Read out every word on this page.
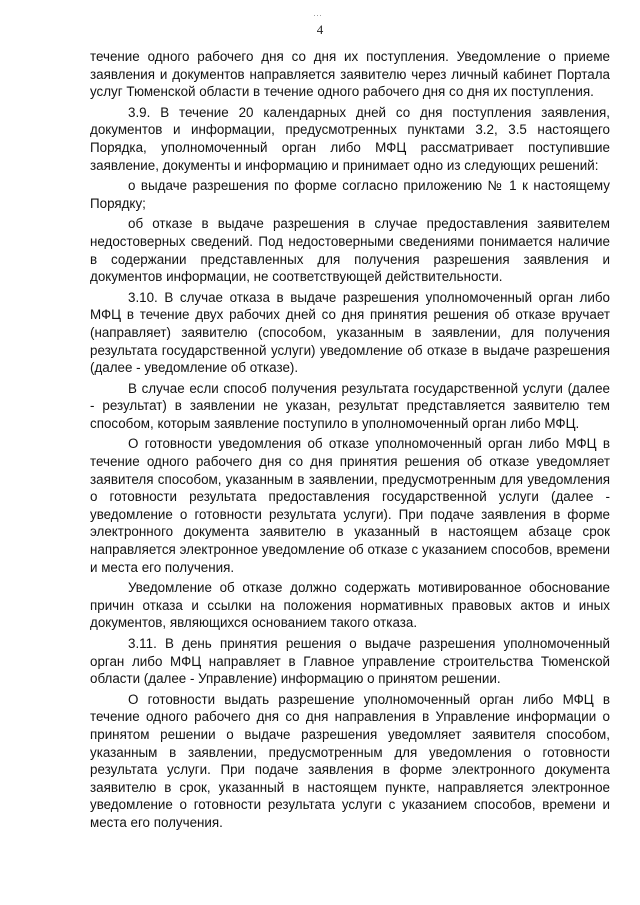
⋯
4

течение одного рабочего дня со дня их поступления. Уведомление о приеме заявления и документов направляется заявителю через личный кабинет Портала услуг Тюменской области в течение одного рабочего дня со дня их поступления.

3.9. В течение 20 календарных дней со дня поступления заявления, документов и информации, предусмотренных пунктами 3.2, 3.5 настоящего Порядка, уполномоченный орган либо МФЦ рассматривает поступившие заявление, документы и информацию и принимает одно из следующих решений:

о выдаче разрешения по форме согласно приложению № 1 к настоящему Порядку;

об отказе в выдаче разрешения в случае предоставления заявителем недостоверных сведений. Под недостоверными сведениями понимается наличие в содержании представленных для получения разрешения заявления и документов информации, не соответствующей действительности.

3.10. В случае отказа в выдаче разрешения уполномоченный орган либо МФЦ в течение двух рабочих дней со дня принятия решения об отказе вручает (направляет) заявителю (способом, указанным в заявлении, для получения результата государственной услуги) уведомление об отказе в выдаче разрешения (далее - уведомление об отказе).

В случае если способ получения результата государственной услуги (далее - результат) в заявлении не указан, результат представляется заявителю тем способом, которым заявление поступило в уполномоченный орган либо МФЦ.

О готовности уведомления об отказе уполномоченный орган либо МФЦ в течение одного рабочего дня со дня принятия решения об отказе уведомляет заявителя способом, указанным в заявлении, предусмотренным для уведомления о готовности результата предоставления государственной услуги (далее - уведомление о готовности результата услуги). При подаче заявления в форме электронного документа заявителю в указанный в настоящем абзаце срок направляется электронное уведомление об отказе с указанием способов, времени и места его получения.

Уведомление об отказе должно содержать мотивированное обоснование причин отказа и ссылки на положения нормативных правовых актов и иных документов, являющихся основанием такого отказа.

3.11. В день принятия решения о выдаче разрешения уполномоченный орган либо МФЦ направляет в Главное управление строительства Тюменской области (далее - Управление) информацию о принятом решении.

О готовности выдать разрешение уполномоченный орган либо МФЦ в течение одного рабочего дня со дня направления в Управление информации о принятом решении о выдаче разрешения уведомляет заявителя способом, указанным в заявлении, предусмотренным для уведомления о готовности результата услуги. При подаче заявления в форме электронного документа заявителю в срок, указанный в настоящем пункте, направляется электронное уведомление о готовности результата услуги с указанием способов, времени и места его получения.
